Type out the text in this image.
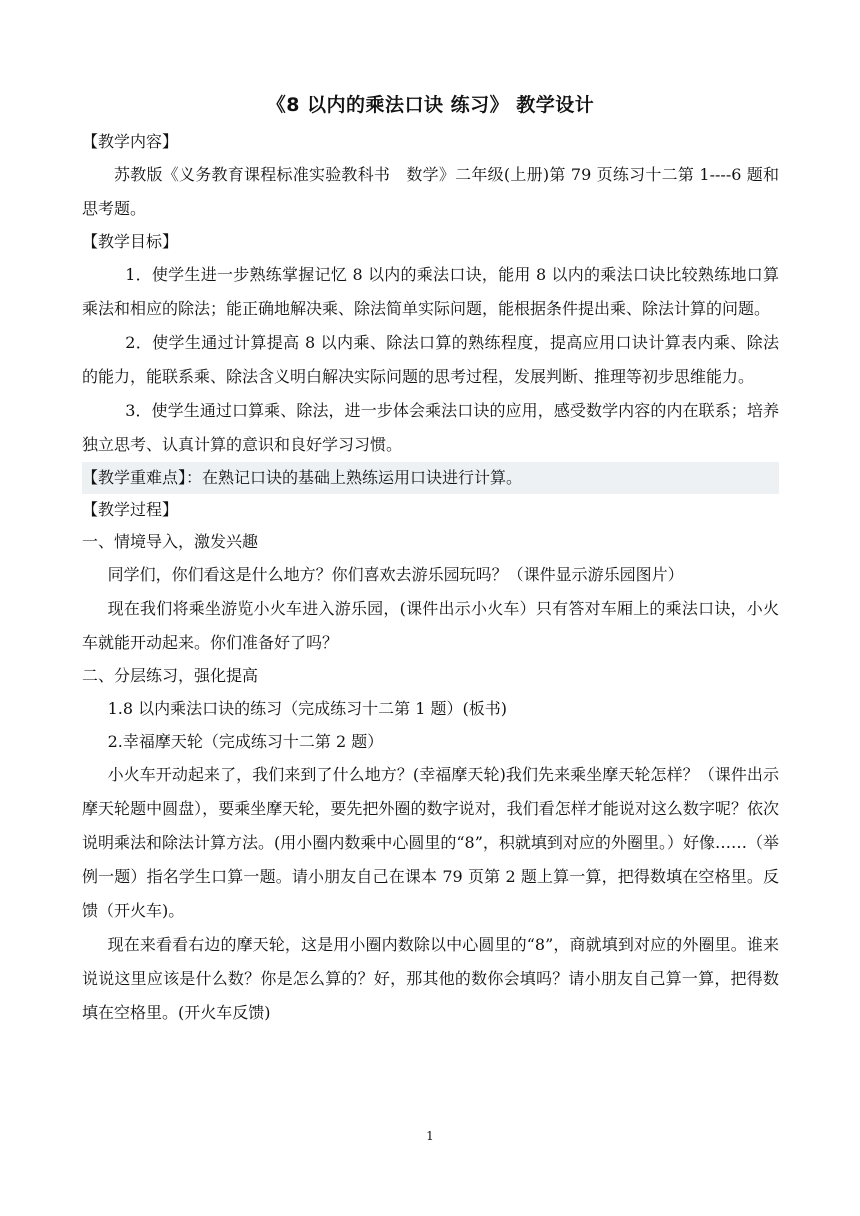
《8 以内的乘法口诀 练习》 教学设计

【教学内容】

苏教版《义务教育课程标准实验教科书　数学》二年级(上册)第 79 页练习十二第 1----6 题和思考题。

【教学目标】

1．使学生进一步熟练掌握记忆 8 以内的乘法口诀，能用 8 以内的乘法口诀比较熟练地口算乘法和相应的除法；能正确地解决乘、除法简单实际问题，能根据条件提出乘、除法计算的问题。

2．使学生通过计算提高 8 以内乘、除法口算的熟练程度，提高应用口诀计算表内乘、除法的能力，能联系乘、除法含义明白解决实际问题的思考过程，发展判断、推理等初步思维能力。

3．使学生通过口算乘、除法，进一步体会乘法口诀的应用，感受数学内容的内在联系；培养独立思考、认真计算的意识和良好学习习惯。

【教学重难点】：在熟记口诀的基础上熟练运用口诀进行计算。

【教学过程】

一、情境导入，激发兴趣

同学们，你们看这是什么地方？你们喜欢去游乐园玩吗？（课件显示游乐园图片）

现在我们将乘坐游览小火车进入游乐园，(课件出示小火车）只有答对车厢上的乘法口诀，小火车就能开动起来。你们准备好了吗？

二、分层练习，强化提高

1.8 以内乘法口诀的练习（完成练习十二第 1 题）(板书)

2.幸福摩天轮（完成练习十二第 2 题）

小火车开动起来了，我们来到了什么地方？(幸福摩天轮)我们先来乘坐摩天轮怎样？（课件出示摩天轮题中圆盘），要乘坐摩天轮，要先把外圈的数字说对，我们看怎样才能说对这么数字呢？依次说明乘法和除法计算方法。(用小圈内数乘中心圆里的“8”，积就填到对应的外圈里。）好像……（举例一题）指名学生口算一题。请小朋友自己在课本 79 页第 2 题上算一算，把得数填在空格里。反馈（开火车)。

现在来看看右边的摩天轮，这是用小圈内数除以中心圆里的“8”，商就填到对应的外圈里。谁来说说这里应该是什么数？你是怎么算的？好，那其他的数你会填吗？请小朋友自己算一算，把得数填在空格里。(开火车反馈)

1
